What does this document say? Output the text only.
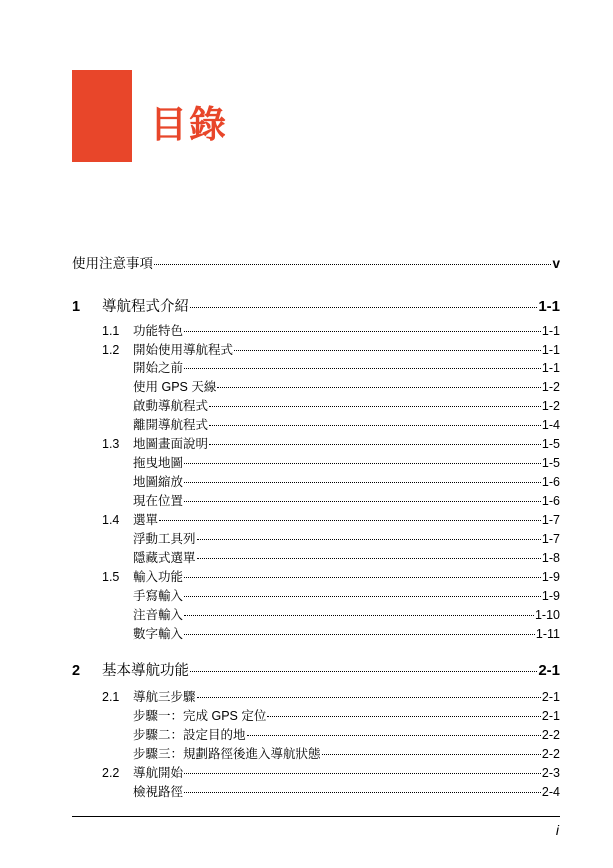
目錄
使用注意事項	v
1	導航程式介紹	1-1
1.1	功能特色	1-1
1.2	開始使用導航程式	1-1
開始之前	1-1
使用 GPS 天線	1-2
啟動導航程式	1-2
離開導航程式	1-4
1.3	地圖畫面說明	1-5
拖曳地圖	1-5
地圖縮放	1-6
現在位置	1-6
1.4	選單	1-7
浮動工具列	1-7
隱藏式選單	1-8
1.5	輸入功能	1-9
手寫輸入	1-9
注音輸入	1-10
數字輸入	1-11
2	基本導航功能	2-1
2.1	導航三步驟	2-1
步驟一：完成 GPS 定位	2-1
步驟二：設定目的地	2-2
步驟三：規劃路徑後進入導航狀態	2-2
2.2	導航開始	2-3
檢視路徑	2-4
i
